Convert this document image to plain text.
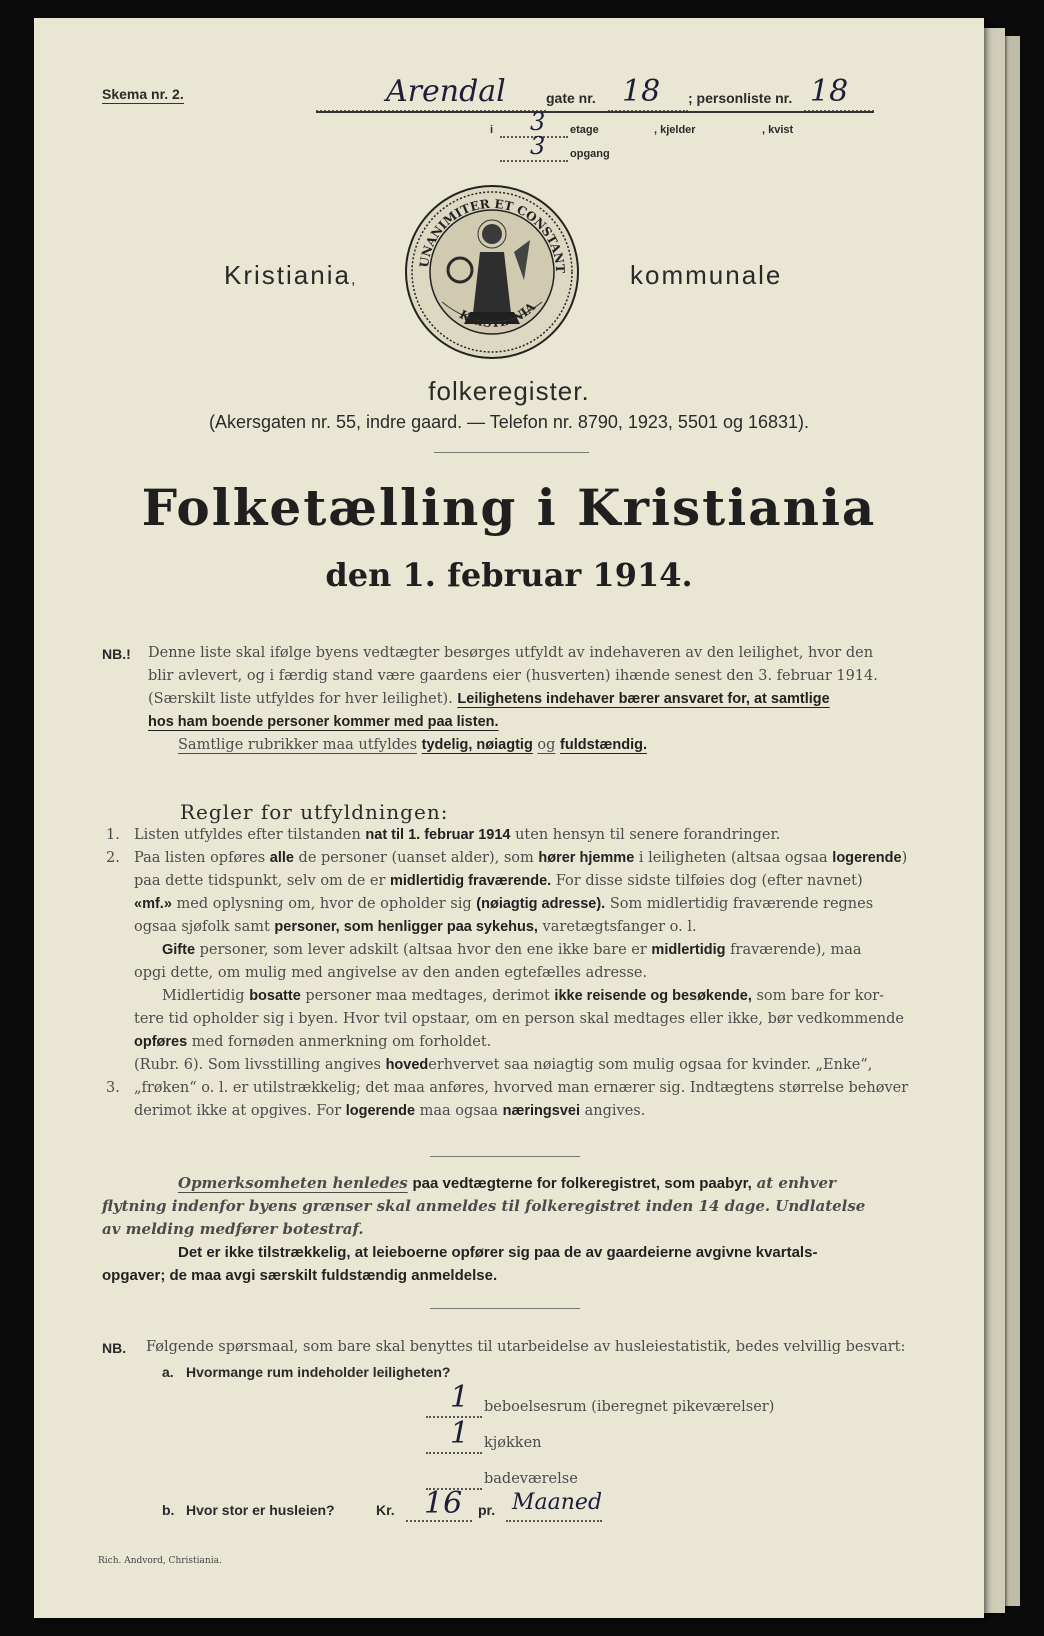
Skema nr. 2.	Arendal	gate nr. 18 ; personliste nr. 18
i 3 etage	, kjelder	, kvist
3 opgang
Kristiania,
UNANIMITER ET CONSTANT
KRISTIANIA
kommunale
folkeregister.
(Akersgaten nr. 55, indre gaard. — Telefon nr. 8790, 1923, 5501 og 16831).
Folketælling i Kristiania
den 1. februar 1914.
NB.! Denne liste skal ifølge byens vedtægter besørges utfyldt av indehaveren av den leilighet, hvor den
blir avlevert, og i færdig stand være gaardens eier (husverten) ihænde senest den 3. februar 1914.
(Særskilt liste utfyldes for hver leilighet). Leilighetens indehaver bærer ansvaret for, at samtlige
hos ham boende personer kommer med paa listen.
Samtlige rubrikker maa utfyldes tydelig, nøiagtig og fuldstændig.
Regler for utfyldningen:
1.
2.
3.
Listen utfyldes efter tilstanden nat til 1. februar 1914 uten hensyn til senere forandringer.
Paa listen opføres alle de personer (uanset alder), som hører hjemme i leiligheten (altsaa ogsaa logerende)
paa dette tidspunkt, selv om de er midlertidig fraværende. For disse sidste tilføies dog (efter navnet)
«mf.» med oplysning om, hvor de opholder sig (nøiagtig adresse). Som midlertidig fraværende regnes
ogsaa sjøfolk samt personer, som henligger paa sykehus, varetægtsfanger o. l.
Gifte personer, som lever adskilt (altsaa hvor den ene ikke bare er midlertidig fraværende), maa
opgi dette, om mulig med angivelse av den anden egtefælles adresse.
Midlertidig bosatte personer maa medtages, derimot ikke reisende og besøkende, som bare for kor-
tere tid opholder sig i byen. Hvor tvil opstaar, om en person skal medtages eller ikke, bør vedkommende
opføres med fornøden anmerkning om forholdet.
(Rubr. 6). Som livsstilling angives hovederhvervet saa nøiagtig som mulig ogsaa for kvinder. „Enke“,
„frøken“ o. l. er utilstrækkelig; det maa anføres, hvorved man ernærer sig. Indtægtens størrelse behøver
derimot ikke at opgives. For logerende maa ogsaa næringsvei angives.
Opmerksomheten henledes paa vedtægterne for folkeregistret, som paabyr, at enhver
flytning indenfor byens grænser skal anmeldes til folkeregistret inden 14 dage. Undlatelse
av melding medfører botestraf.
Det er ikke tilstrækkelig, at leieboerne opfører sig paa de av gaardeierne avgivne kvartals-
opgaver; de maa avgi særskilt fuldstændig anmeldelse.
NB. Følgende spørsmaal, som bare skal benyttes til utarbeidelse av husleiestatistik, bedes velvillig besvart:
a. Hvormange rum indeholder leiligheten?
1 beboelsesrum (iberegnet pikeværelser)
1 kjøkken
badeværelse
b. Hvor stor er husleien?	Kr. 16 pr. Maaned
Rich. Andvord, Christiania.
